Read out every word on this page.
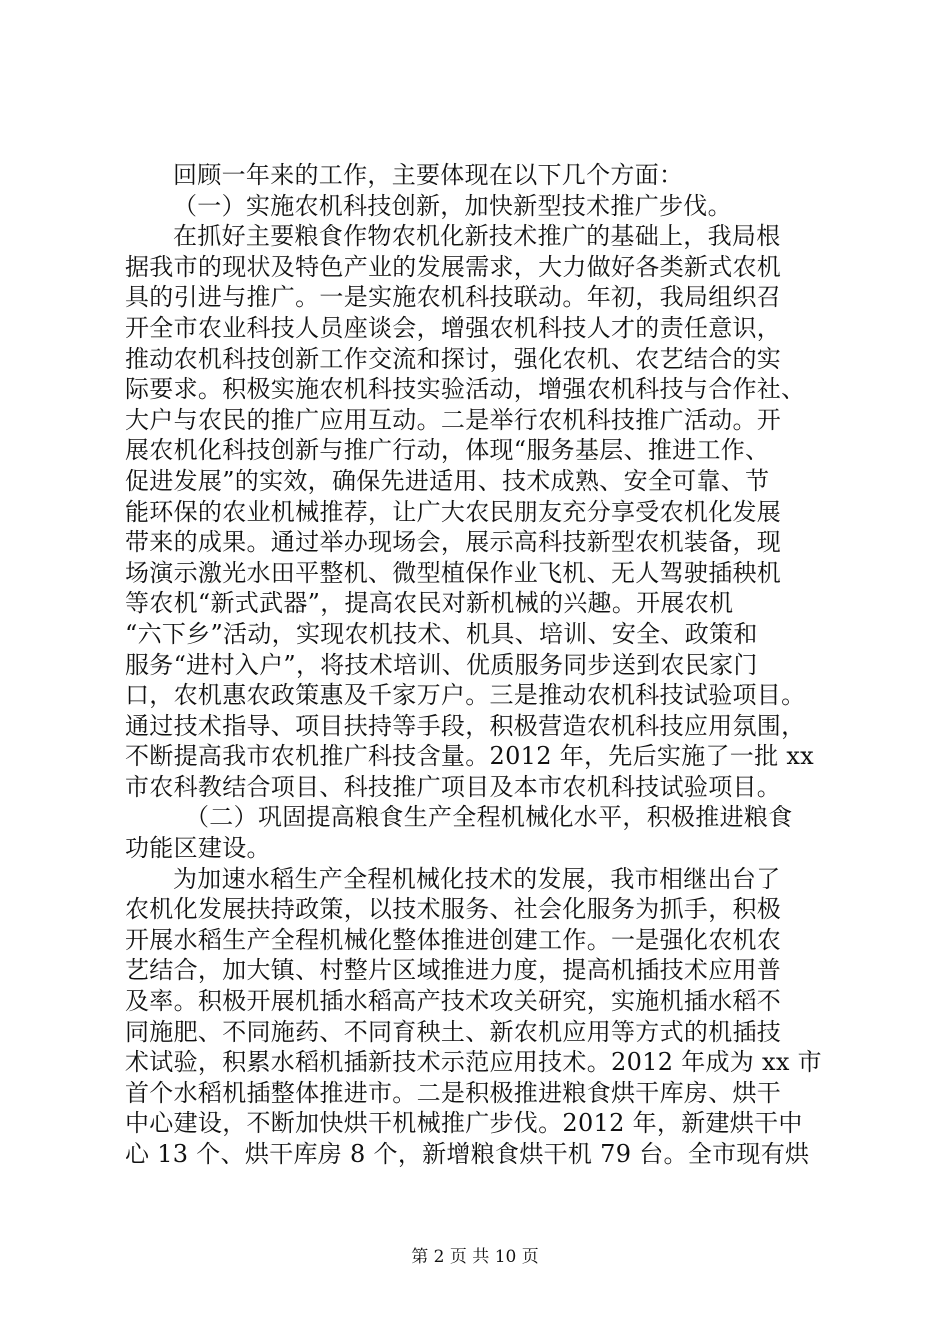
回顾一年来的工作，主要体现在以下几个方面：
（一）实施农机科技创新，加快新型技术推广步伐。
在抓好主要粮食作物农机化新技术推广的基础上，我局根
据我市的现状及特色产业的发展需求，大力做好各类新式农机
具的引进与推广。一是实施农机科技联动。年初，我局组织召
开全市农业科技人员座谈会，增强农机科技人才的责任意识，
推动农机科技创新工作交流和探讨，强化农机、农艺结合的实
际要求。积极实施农机科技实验活动，增强农机科技与合作社、
大户与农民的推广应用互动。二是举行农机科技推广活动。开
展农机化科技创新与推广行动，体现“服务基层、推进工作、
促进发展”的实效，确保先进适用、技术成熟、安全可靠、节
能环保的农业机械推荐，让广大农民朋友充分享受农机化发展
带来的成果。通过举办现场会，展示高科技新型农机装备，现
场演示激光水田平整机、微型植保作业飞机、无人驾驶插秧机
等农机“新式武器”，提高农民对新机械的兴趣。开展农机
“六下乡”活动，实现农机技术、机具、培训、安全、政策和
服务“进村入户”，将技术培训、优质服务同步送到农民家门
口，农机惠农政策惠及千家万户。三是推动农机科技试验项目。
通过技术指导、项目扶持等手段，积极营造农机科技应用氛围，
不断提高我市农机推广科技含量。2012 年，先后实施了一批 xx
市农科教结合项目、科技推广项目及本市农机科技试验项目。
（二）巩固提高粮食生产全程机械化水平，积极推进粮食
功能区建设。
为加速水稻生产全程机械化技术的发展，我市相继出台了
农机化发展扶持政策，以技术服务、社会化服务为抓手，积极
开展水稻生产全程机械化整体推进创建工作。一是强化农机农
艺结合，加大镇、村整片区域推进力度，提高机插技术应用普
及率。积极开展机插水稻高产技术攻关研究，实施机插水稻不
同施肥、不同施药、不同育秧土、新农机应用等方式的机插技
术试验，积累水稻机插新技术示范应用技术。2012 年成为 xx 市
首个水稻机插整体推进市。二是积极推进粮食烘干库房、烘干
中心建设，不断加快烘干机械推广步伐。2012 年，新建烘干中
心 13 个、烘干库房 8 个，新增粮食烘干机 79 台。全市现有烘
第 2 页 共 10 页
